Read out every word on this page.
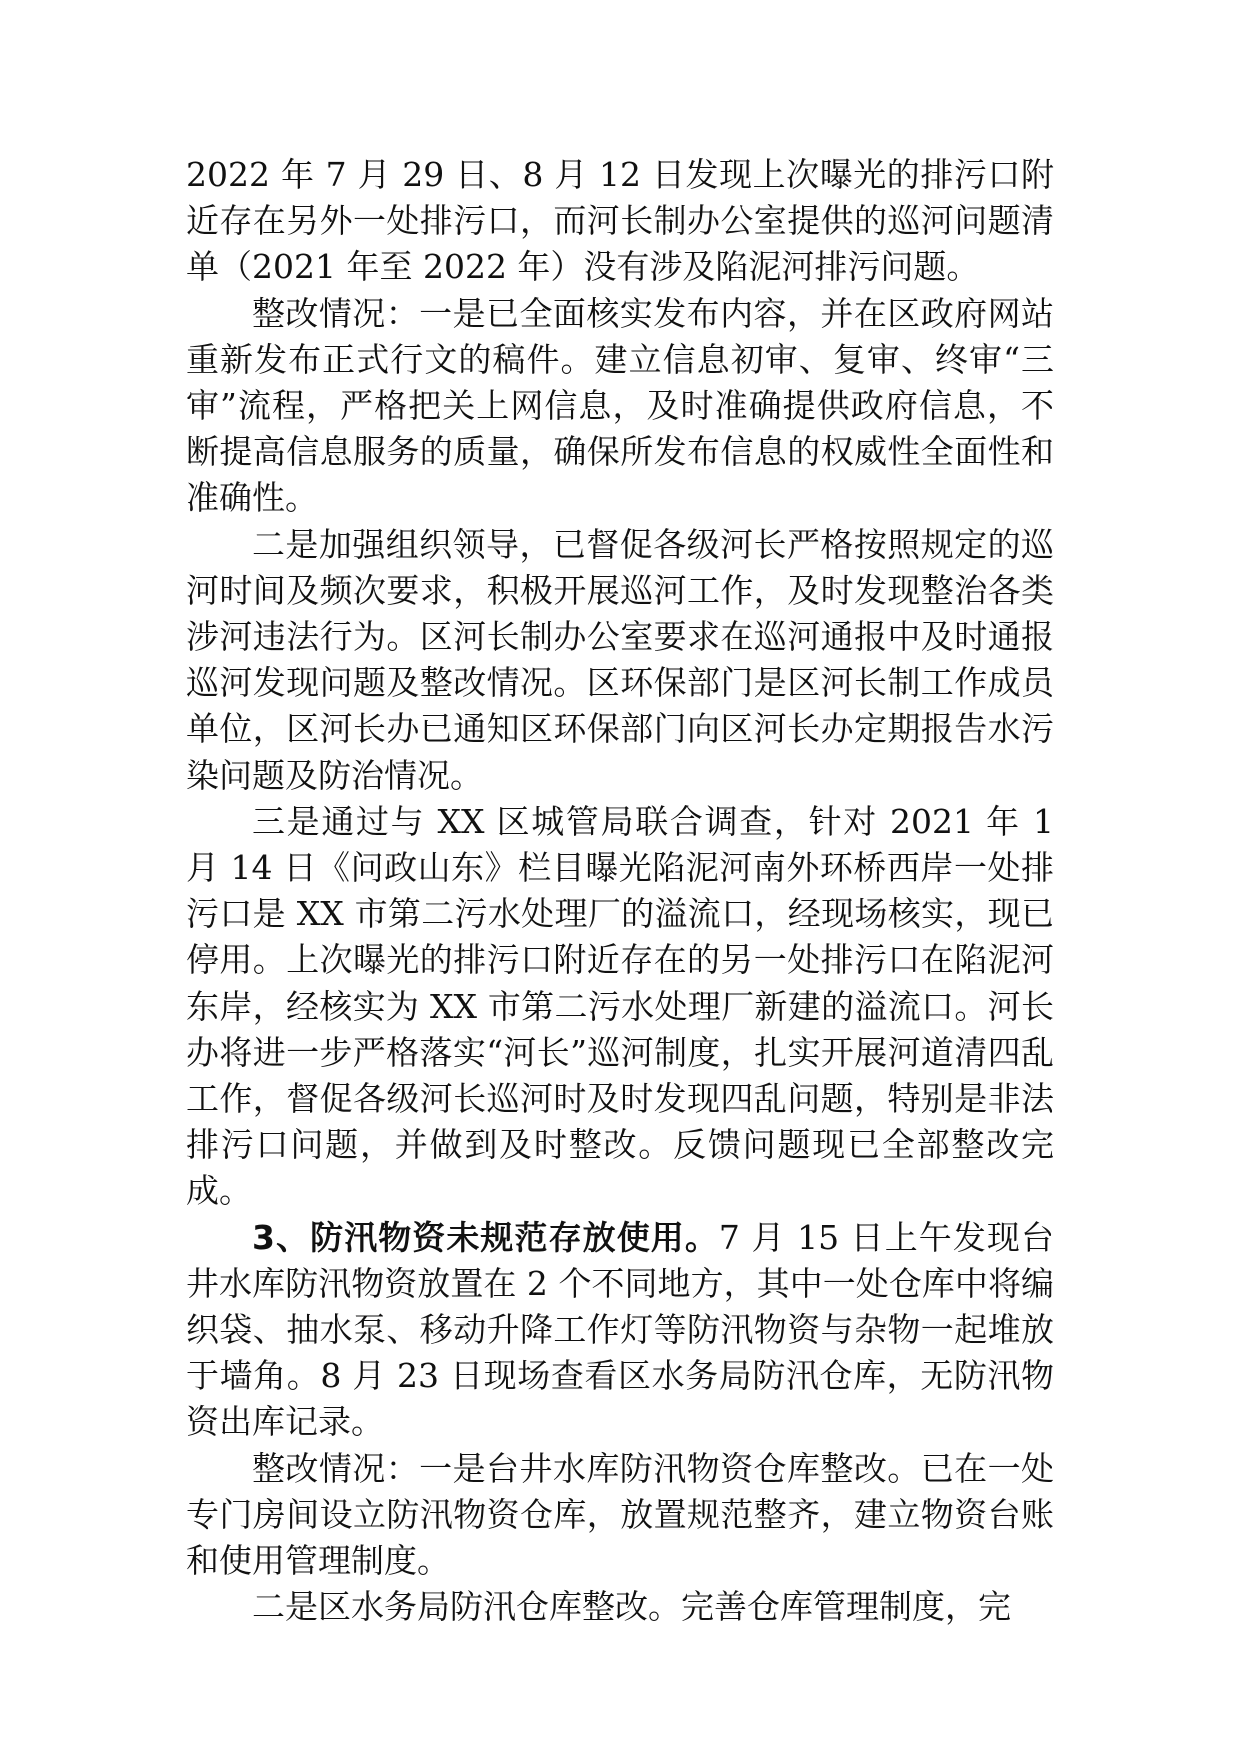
2022 年 7 月 29 日、8 月 12 日发现上次曝光的排污口附近存在另外一处排污口，而河长制办公室提供的巡河问题清单（2021 年至 2022 年）没有涉及陷泥河排污问题。

整改情况：一是已全面核实发布内容，并在区政府网站重新发布正式行文的稿件。建立信息初审、复审、终审“三审”流程，严格把关上网信息，及时准确提供政府信息，不断提高信息服务的质量，确保所发布信息的权威性全面性和准确性。

二是加强组织领导，已督促各级河长严格按照规定的巡河时间及频次要求，积极开展巡河工作，及时发现整治各类涉河违法行为。区河长制办公室要求在巡河通报中及时通报巡河发现问题及整改情况。区环保部门是区河长制工作成员单位，区河长办已通知区环保部门向区河长办定期报告水污染问题及防治情况。

三是通过与 XX 区城管局联合调查，针对 2021 年 1 月 14 日《问政山东》栏目曝光陷泥河南外环桥西岸一处排污口是 XX 市第二污水处理厂的溢流口，经现场核实，现已停用。上次曝光的排污口附近存在的另一处排污口在陷泥河东岸，经核实为 XX 市第二污水处理厂新建的溢流口。河长办将进一步严格落实“河长”巡河制度，扎实开展河道清四乱工作，督促各级河长巡河时及时发现四乱问题，特别是非法排污口问题，并做到及时整改。反馈问题现已全部整改完成。

3、防汛物资未规范存放使用。7 月 15 日上午发现台井水库防汛物资放置在 2 个不同地方，其中一处仓库中将编织袋、抽水泵、移动升降工作灯等防汛物资与杂物一起堆放于墙角。8 月 23 日现场查看区水务局防汛仓库，无防汛物资出库记录。

整改情况：一是台井水库防汛物资仓库整改。已在一处专门房间设立防汛物资仓库，放置规范整齐，建立物资台账和使用管理制度。

二是区水务局防汛仓库整改。完善仓库管理制度，完
